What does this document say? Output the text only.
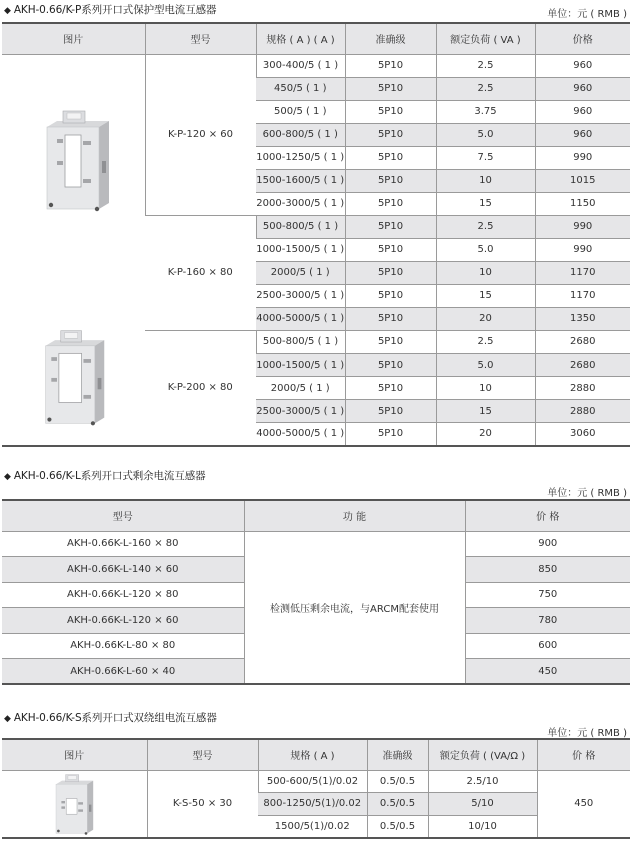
◆ AKH-0.66/K-P系列开口式保护型电流互感器	单位：元 ( RMB )
图片	型号	规格 ( A ) ( A )	准确级	额定负荷 ( VA )	价格

	K-P-120 × 60	300-400/5 ( 1 )	5P10	2.5	960
		450/5 ( 1 )	5P10	2.5	960
		500/5 ( 1 )	5P10	3.75	960
		600-800/5 ( 1 )	5P10	5.0	960
		1000-1250/5 ( 1 )	5P10	7.5	990
		1500-1600/5 ( 1 )	5P10	10	1015
		2000-3000/5 ( 1 )	5P10	15	1150
	K-P-160 × 80	500-800/5 ( 1 )	5P10	2.5	990
		1000-1500/5 ( 1 )	5P10	5.0	990
		2000/5 ( 1 )	5P10	10	1170
		2500-3000/5 ( 1 )	5P10	15	1170
		4000-5000/5 ( 1 )	5P10	20	1350
	K-P-200 × 80	500-800/5 ( 1 )	5P10	2.5	2680
		1000-1500/5 ( 1 )	5P10	5.0	2680
		2000/5 ( 1 )	5P10	10	2880
		2500-3000/5 ( 1 )	5P10	15	2880
		4000-5000/5 ( 1 )	5P10	20	3060
◆ AKH-0.66/K-L系列开口式剩余电流互感器
单位：元 ( RMB )
型号	功 能	价 格
AKH-0.66K-L-160 × 80	检测低压剩余电流，与ARCM配套使用	900
AKH-0.66K-L-140 × 60		850
AKH-0.66K-L-120 × 80		750
AKH-0.66K-L-120 × 60		780
AKH-0.66K-L-80 × 80		600
AKH-0.66K-L-60 × 40		450
◆ AKH-0.66/K-S系列开口式双绕组电流互感器
单位：元 ( RMB )
图片	型号	规格 ( A )	准确级	额定负荷 ( (VA/Ω )	价 格

	K-S-50 × 30	500-600/5(1)/0.02	0.5/0.5	2.5/10	450
		800-1250/5(1)/0.02	0.5/0.5	5/10	
		1500/5(1)/0.02	0.5/0.5	10/10	
